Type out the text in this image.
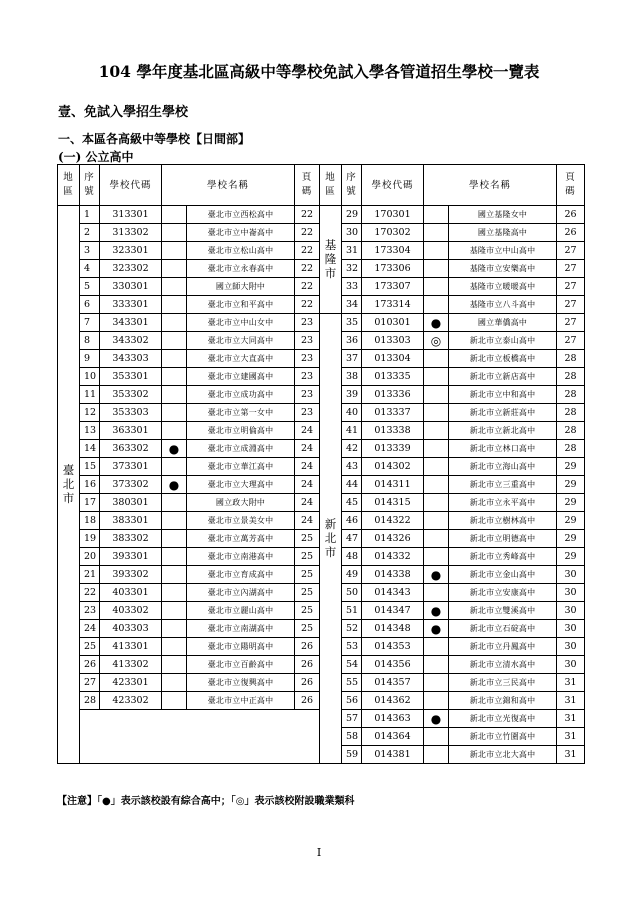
104 學年度基北區高級中等學校免試入學各管道招生學校一覽表
壹、免試入學招生學校
一、本區各高級中等學校【日間部】
(一) 公立高中
地區	序號	學校代碼	學校名稱		頁碼	地區	序號	學校代碼	學校名稱		頁碼
臺北市	1	313301		臺北市立西松高中	22	基隆市	29	170301		國立基隆女中	26
	2	313302		臺北市立中崙高中	22		30	170302		國立基隆高中	26
	3	323301		臺北市立松山高中	22		31	173304		基隆市立中山高中	27
	4	323302		臺北市立永春高中	22		32	173306		基隆市立安樂高中	27
	5	330301		國立師大附中	22		33	173307		基隆市立暖暖高中	27
	6	333301		臺北市立和平高中	22		34	173314		基隆市立八斗高中	27
	7	343301		臺北市立中山女中	23	新北市	35	010301	●	國立華僑高中	27
	8	343302		臺北市立大同高中	23		36	013303	◎	新北市立泰山高中	27
	9	343303		臺北市立大直高中	23		37	013304		新北市立板橋高中	28
	10	353301		臺北市立建國高中	23		38	013335		新北市立新店高中	28
	11	353302		臺北市立成功高中	23		39	013336		新北市立中和高中	28
	12	353303		臺北市立第一女中	23		40	013337		新北市立新莊高中	28
	13	363301		臺北市立明倫高中	24		41	013338		新北市立新北高中	28
	14	363302	●	臺北市立成淵高中	24		42	013339		新北市立林口高中	28
	15	373301		臺北市立華江高中	24		43	014302		新北市立海山高中	29
	16	373302	●	臺北市立大理高中	24		44	014311		新北市立三重高中	29
	17	380301		國立政大附中	24		45	014315		新北市立永平高中	29
	18	383301		臺北市立景美女中	24		46	014322		新北市立樹林高中	29
	19	383302		臺北市立萬芳高中	25		47	014326		新北市立明德高中	29
	20	393301		臺北市立南港高中	25		48	014332		新北市立秀峰高中	29
	21	393302		臺北市立育成高中	25		49	014338	●	新北市立金山高中	30
	22	403301		臺北市立內湖高中	25		50	014343		新北市立安康高中	30
	23	403302		臺北市立麗山高中	25		51	014347	●	新北市立雙溪高中	30
	24	403303		臺北市立南湖高中	25		52	014348	●	新北市立石碇高中	30
	25	413301		臺北市立陽明高中	26		53	014353		新北市立丹鳳高中	30
	26	413302		臺北市立百齡高中	26		54	014356		新北市立清水高中	30
	27	423301		臺北市立復興高中	26		55	014357		新北市立三民高中	31
	28	423302		臺北市立中正高中	26		56	014362		新北市立錦和高中	31
							57	014363	●	新北市立光復高中	31
							58	014364		新北市立竹圍高中	31
							59	014381		新北市立北大高中	31
【注意】「●」表示該校設有綜合高中；「◎」表示該校附設職業類科
I
